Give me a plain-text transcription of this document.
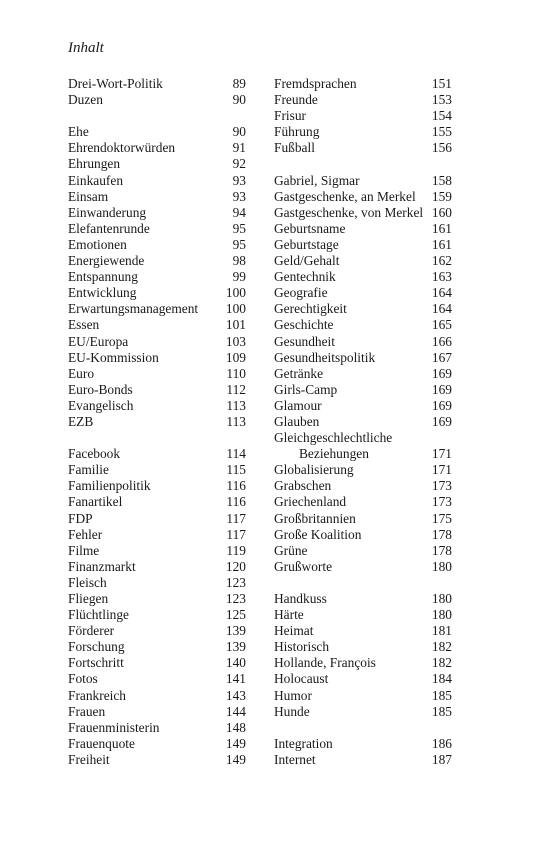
Inhalt
Drei-Wort-Politik	89
Duzen	90
Ehe	90
Ehrendoktorwürden	91
Ehrungen	92
Einkaufen	93
Einsam	93
Einwanderung	94
Elefantenrunde	95
Emotionen	95
Energiewende	98
Entspannung	99
Entwicklung	100
Erwartungsmanagement 100
Essen	101
EU/Europa	103
EU-Kommission	109
Euro	110
Euro-Bonds	112
Evangelisch	113
EZB	113
Facebook	114
Familie	115
Familienpolitik	116
Fanartikel	116
FDP	117
Fehler	117
Filme	119
Finanzmarkt	120
Fleisch	123
Fliegen	123
Flüchtlinge	125
Förderer	139
Forschung	139
Fortschritt	140
Fotos	141
Frankreich	143
Frauen	144
Frauenministerin	148
Frauenquote	149
Freiheit	149
Fremdsprachen	151
Freunde	153
Frisur	154
Führung	155
Fußball	156
Gabriel, Sigmar	158
Gastgeschenke, an Merkel 159
Gastgeschenke, von Merkel 160
Geburtsname	161
Geburtstage	161
Geld/Gehalt	162
Gentechnik	163
Geografie	164
Gerechtigkeit	164
Geschichte	165
Gesundheit	166
Gesundheitspolitik	167
Getränke	169
Girls-Camp	169
Glamour	169
Glauben	169
Gleichgeschlechtliche
Beziehungen	171
Globalisierung	171
Grabschen	173
Griechenland	173
Großbritannien	175
Große Koalition	178
Grüne	178
Grußworte	180
Handkuss	180
Härte	180
Heimat	181
Historisch	182
Hollande, François	182
Holocaust	184
Humor	185
Hunde	185
Integration	186
Internet	187
